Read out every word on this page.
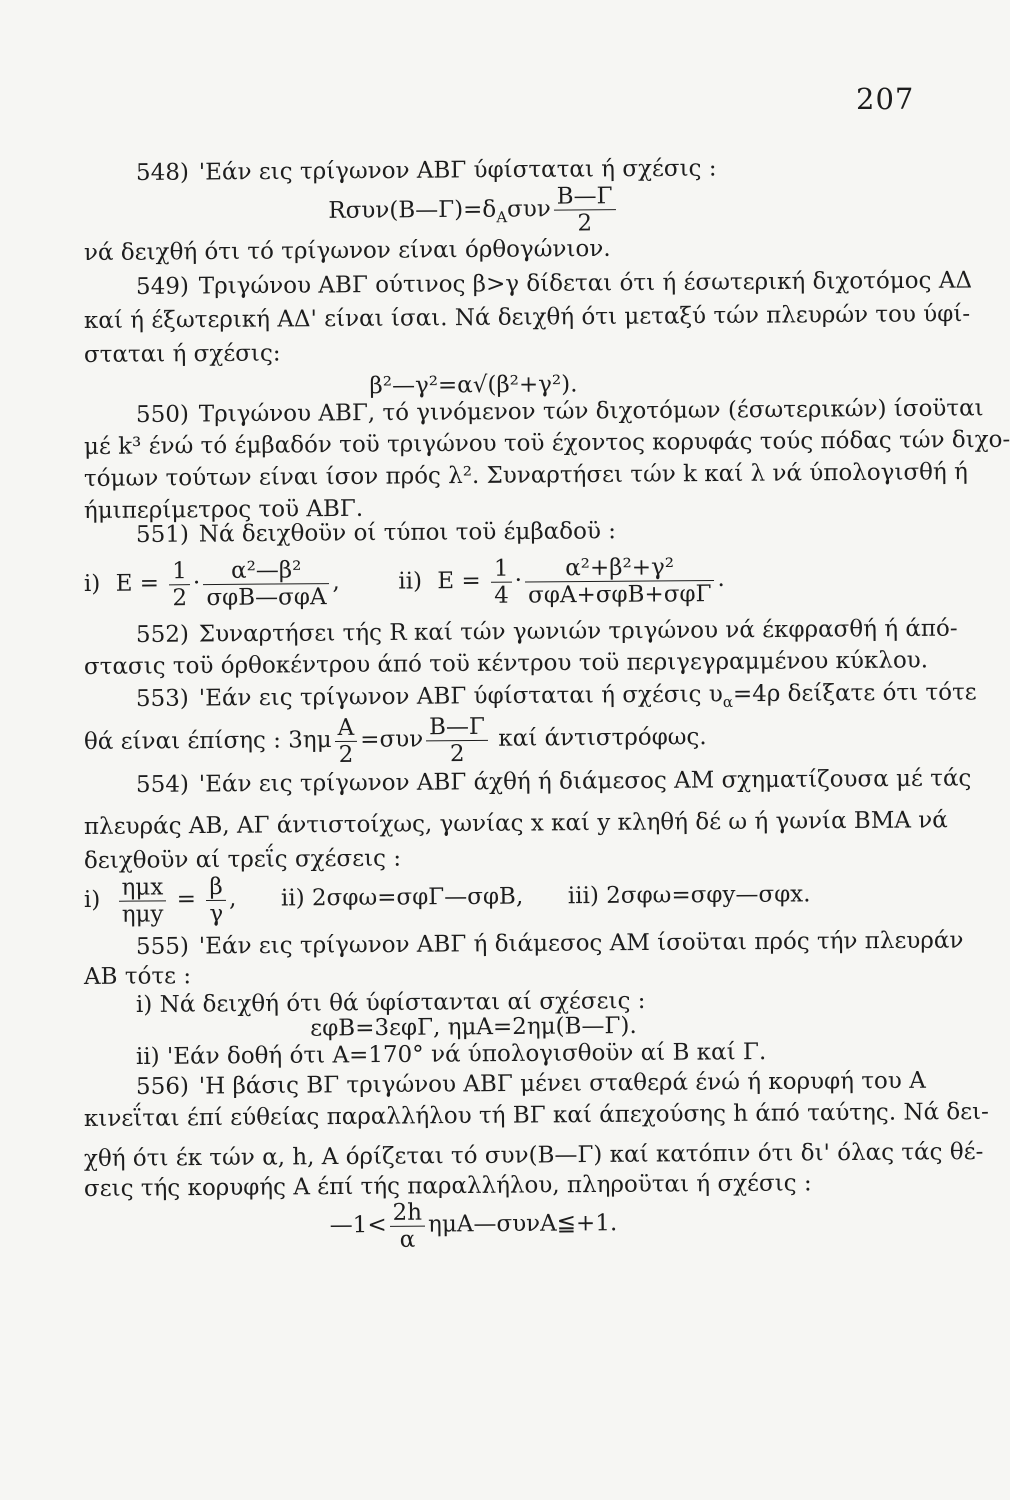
207
548) 'Εάν εις τρίγωνον ΑΒΓ ύφίσταται ή σχέσις :
$R\sigma\upsilon\nu(B—\Gamma)=\delta_A\sigma\upsilon\nu \frac{B—\Gamma}{2}$
νά δειχθή ότι τό τρίγωνον είναι όρθογώνιον.
549) Τριγώνου ΑΒΓ ούτινος β>γ δίδεται ότι ή έσωτερική διχοτόμος ΑΔ
καί ή έξωτερική ΑΔ' είναι ίσαι. Νά δειχθή ότι μεταξύ τών πλευρών του ύφί-
σταται ή σχέσις:
β²—γ²=α√(β²+γ²).
550) Τριγώνου ΑΒΓ, τό γινόμενον τών διχοτόμων (έσωτερικών) ίσοϋται
μέ k³ ένώ τό έμβαδόν τοϋ τριγώνου τοϋ έχοντος κορυφάς τούς πόδας τών διχο-
τόμων τούτων είναι ίσον πρός λ². Συναρτήσει τών k καί λ νά ύπολογισθή ή
ήμιπερίμετρος τοϋ ΑΒΓ.
551) Νά δειχθοϋν οί τύποι τοϋ έμβαδοϋ :
i) $E = \frac{1}{2} \cdot \frac{\text{α²—β²}}{\text{σφΒ—σφΑ}}$ ,	ii) $E = \frac{1}{4} \cdot \frac{\text{α²+β²+γ²}}{\text{σφΑ+σφΒ+σφΓ}}$ .
552) Συναρτήσει τής R καί τών γωνιών τριγώνου νά έκφρασθή ή άπό-
στασις τοϋ όρθοκέντρου άπό τοϋ κέντρου τοϋ περιγεγραμμένου κύκλου.
553) 'Εάν εις τρίγωνον ΑΒΓ ύφίσταται ή σχέσις $\upsilon_\alpha=4\rho$ δείξατε ότι τότε
θά είναι έπίσης : $3\eta\mu \frac{A}{2} =\sigma\upsilon\nu \frac{B—\Gamma}{2}$ καί άντιστρόφως.
554) 'Εάν εις τρίγωνον ΑΒΓ άχθή ή διάμεσος ΑΜ σχηματίζουσα μέ τάς
πλευράς ΑΒ, ΑΓ άντιστοίχως, γωνίας x καί y κληθή δέ ω ή γωνία ΒΜΑ νά
δειχθοϋν αί τρεΐς σχέσεις :
$i) \frac{\text{ημx}}{\text{ημy}} = \frac{\beta}{\gamma}$ , ii) 2σφω=σφΓ—σφΒ, iii) 2σφω=σφy—σφx.
555) 'Εάν εις τρίγωνον ΑΒΓ ή διάμεσος ΑΜ ίσοϋται πρός τήν πλευράν
ΑΒ τότε :
i) Νά δειχθή ότι θά ύφίστανται αί σχέσεις :
εφΒ=3εφΓ, ημΑ=2ημ(Β—Γ).
ii) 'Εάν δοθή ότι Α=170° νά ύπολογισθοϋν αί Β καί Γ.
556) 'Η βάσις ΒΓ τριγώνου ΑΒΓ μένει σταθερά ένώ ή κορυφή του Α
κινεΐται έπί εύθείας παραλλήλου τή ΒΓ καί άπεχούσης h άπό ταύτης. Νά δει-
χθή ότι έκ τών α, h, Α όρίζεται τό συν(Β—Γ) καί κατόπιν ότι δι' όλας τάς θέ-
σεις τής κορυφής Α έπί τής παραλλήλου, πληροϋται ή σχέσις :
—1< $\frac{2h}{\alpha}$ ημΑ—συνΑ≦+1.
